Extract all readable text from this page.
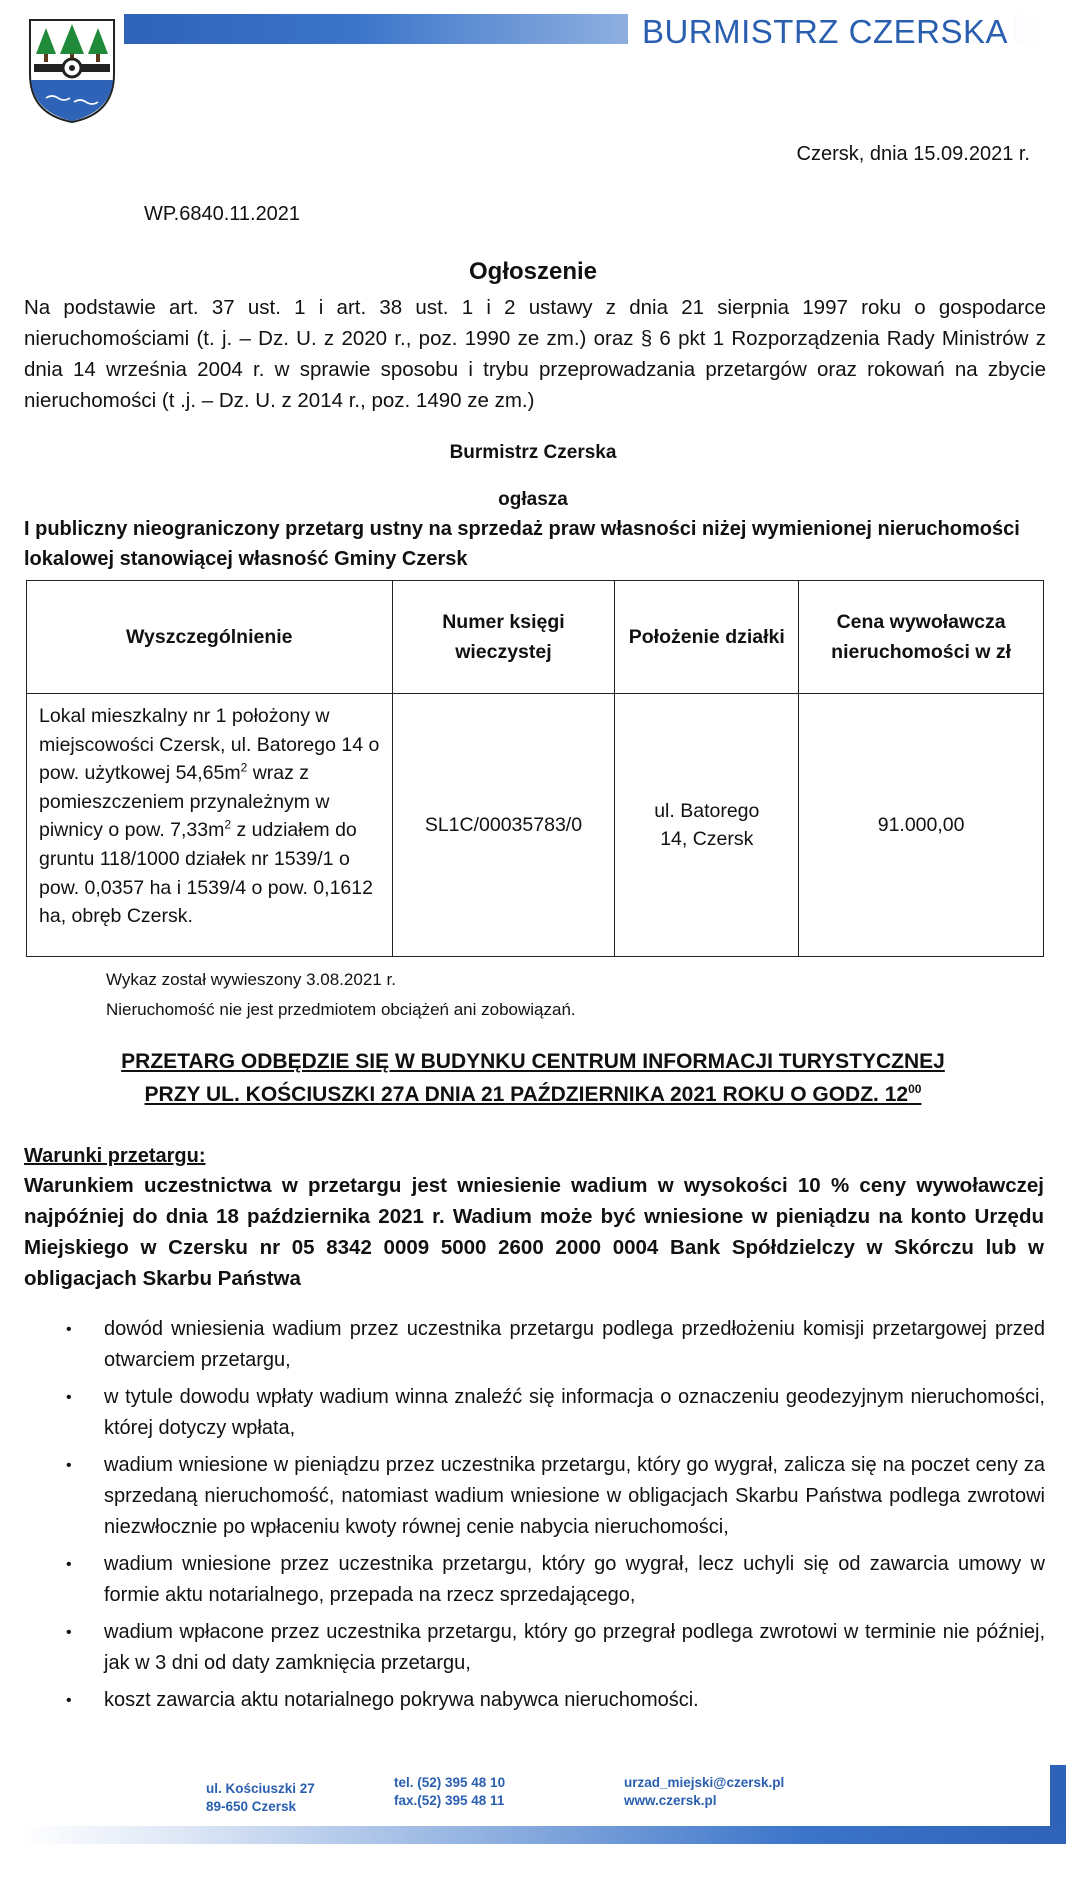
BURMISTRZ CZERSKA
Czersk, dnia 15.09.2021 r.
WP.6840.11.2021
Ogłoszenie
Na podstawie art. 37 ust. 1 i art. 38 ust. 1 i 2 ustawy z dnia 21 sierpnia 1997 roku o gospodarce nieruchomościami (t. j. – Dz. U. z 2020 r., poz. 1990 ze zm.) oraz § 6 pkt 1 Rozporządzenia Rady Ministrów z dnia 14 września 2004 r. w sprawie sposobu i trybu przeprowadzania przetargów oraz rokowań na zbycie nieruchomości (t .j. – Dz. U. z 2014 r., poz. 1490 ze zm.)
Burmistrz Czerska
ogłasza
I publiczny nieograniczony przetarg ustny na sprzedaż praw własności niżej wymienionej nieruchomości lokalowej stanowiącej własność Gminy Czersk
Wyszczególnienie	Numer księgi wieczystej	Położenie działki	Cena wywoławcza nieruchomości w zł
Lokal mieszkalny nr 1 położony w miejscowości Czersk, ul. Batorego 14 o pow. użytkowej $54,65m^2$ wraz z pomieszczeniem przynależnym w piwnicy o pow. $7,33m^2$ z udziałem do gruntu 118/1000 działek nr 1539/1 o pow. 0,0357 ha i 1539/4 o pow. 0,1612 ha, obręb Czersk.	SL1C/00035783/0	ul. Batorego 14, Czersk	91.000,00
Wykaz został wywieszony 3.08.2021 r.
Nieruchomość nie jest przedmiotem obciążeń ani zobowiązań.
PRZETARG ODBĘDZIE SIĘ W BUDYNKU CENTRUM INFORMACJI TURYSTYCZNEJ
PRZY UL. KOŚCIUSZKI 27A DNIA 21 PAŹDZIERNIKA 2021 ROKU O GODZ. $12^{00}$
Warunki przetargu:
Warunkiem uczestnictwa w przetargu jest wniesienie wadium w wysokości 10 % ceny wywoławczej najpóźniej do dnia 18 października 2021 r. Wadium może być wniesione w pieniądzu na konto Urzędu Miejskiego w Czersku nr 05 8342 0009 5000 2600 2000 0004 Bank Spółdzielczy w Skórczu lub w obligacjach Skarbu Państwa
• dowód wniesienia wadium przez uczestnika przetargu podlega przedłożeniu komisji przetargowej przed otwarciem przetargu,
• w tytule dowodu wpłaty wadium winna znaleźć się informacja o oznaczeniu geodezyjnym nieruchomości, której dotyczy wpłata,
• wadium wniesione w pieniądzu przez uczestnika przetargu, który go wygrał, zalicza się na poczet ceny za sprzedaną nieruchomość, natomiast wadium wniesione w obligacjach Skarbu Państwa podlega zwrotowi niezwłocznie po wpłaceniu kwoty równej cenie nabycia nieruchomości,
• wadium wniesione przez uczestnika przetargu, który go wygrał, lecz uchyli się od zawarcia umowy w formie aktu notarialnego, przepada na rzecz sprzedającego,
• wadium wpłacone przez uczestnika przetargu, który go przegrał podlega zwrotowi w terminie nie później, jak w 3 dni od daty zamknięcia przetargu,
• koszt zawarcia aktu notarialnego pokrywa nabywca nieruchomości.
ul. Kościuszki 27
89-650 Czersk
tel. (52) 395 48 10
fax.(52) 395 48 11
urzad_miejski@czersk.pl
www.czersk.pl
